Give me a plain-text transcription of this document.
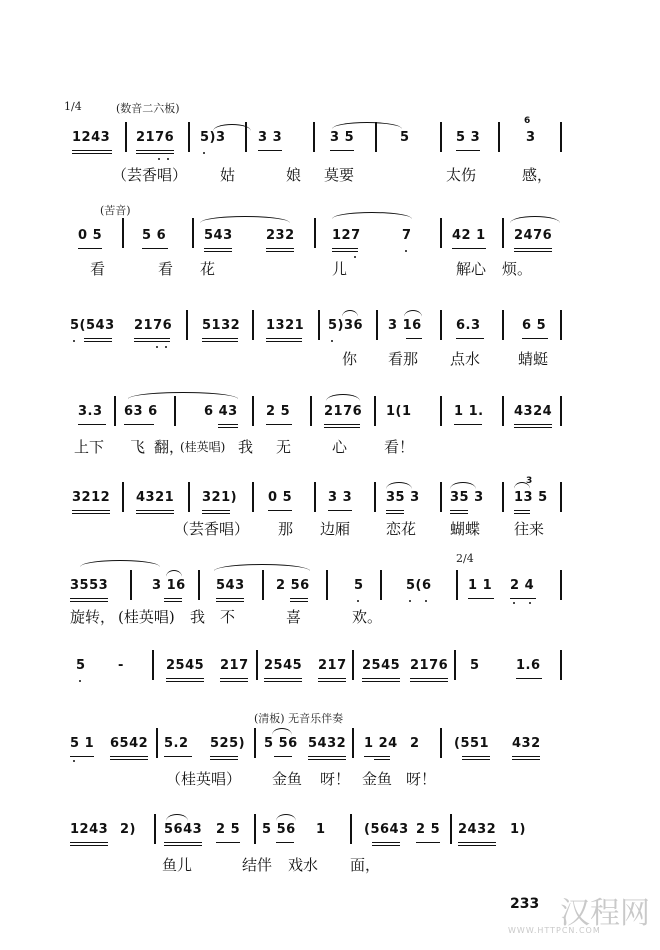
1/4	(数音二六板)
1243 2176 5)3 3 3	3 5	5	5 3
6
3
（芸香唱） 姑	娘 莫要	太伤	感，
(苦音)
0 5	5 6	543	232	127	7	42 1 2476
看	看 花	儿	解心 烦。
5(543 2176 5132 1321 5)36 3 16	6.3	6 5
你 看那 点水	蜻蜓
3.3 63 6	6 43 2 5	2176 1(1	1 1. 4324
上下 飞 翻，
(桂英唱) 我 无	心 看！
3212 4321 321) 0 5	3 3	35 3 35 3
3
13 5
（芸香唱） 那 边厢 恋花 蝴蝶 往来
2/4
3553	3 16 543 2 56	5	5(6	1 1 2 4
旋转， (桂英唱) 我 不	喜	欢。
5 -	2545 217 2545 217 2545 2176 5	1.6
(清板) 无音乐伴奏
5 1 6542 5.2 525) 5 56 5432 1 24 2	(551 432
（桂英唱） 金鱼 呀！ 金鱼 呀！
1243 2) 5643 2 5 5 56 1	(5643 2 5 2432 1)
鱼儿	结伴 戏水 面，
233 汉程网
WWW.HTTPCN.COM
